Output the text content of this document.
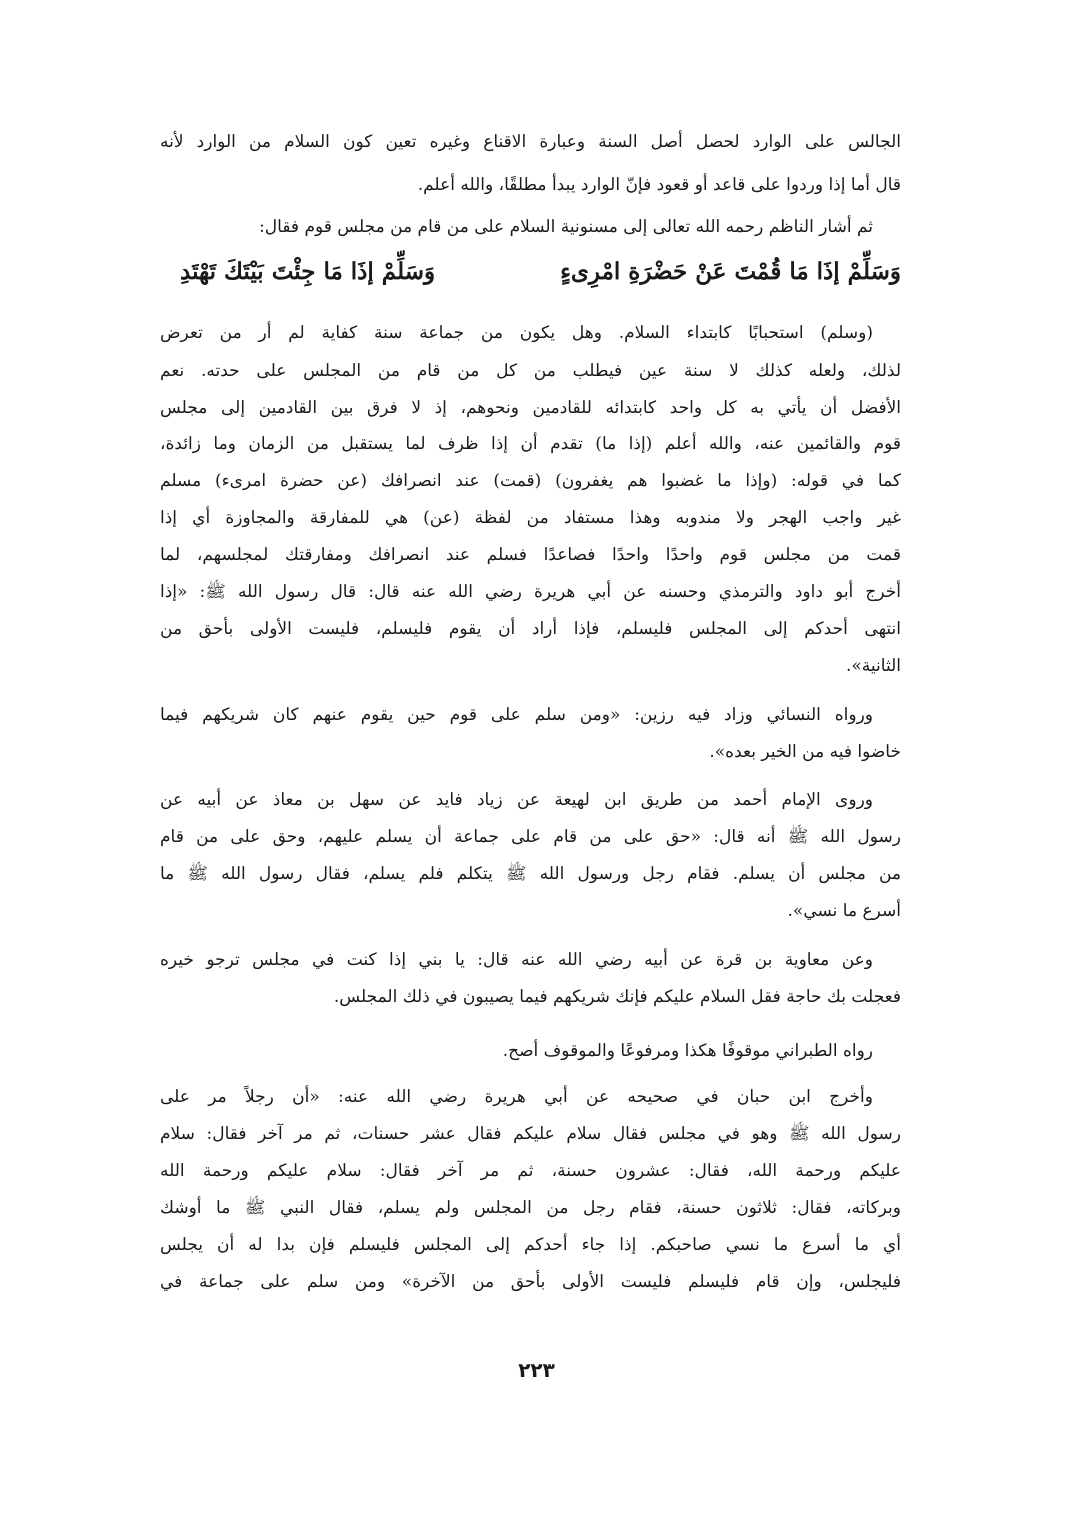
الجالس على الوارد لحصل أصل السنة وعبارة الاقناع وغيره تعين كون السلام من الوارد لأنه
قال أما إذا وردوا على قاعد أو قعود فإنّ الوارد يبدأ مطلقًا، والله أعلم.
ثم أشار الناظم رحمه الله تعالى إلى مسنونية السلام على من قام من مجلس قوم فقال:
وَسَلِّمْ إذَا مَا قُمْتَ عَنْ حَضْرَةِ امْرِىءٍ
وَسَلِّمْ إذَا مَا جِئْتَ بَيْتَكَ تَهْتَدِ
(وسلم) استحبابًا كابتداء السلام. وهل يكون من جماعة سنة كفاية لم أر من تعرض
لذلك، ولعله كذلك لا سنة عين فيطلب من كل من قام من المجلس على حدته. نعم
الأفضل أن يأتي به كل واحد كابتدائه للقادمين ونحوهم، إذ لا فرق بين القادمين إلى مجلس
قوم والقائمين عنه، والله أعلم (إذا ما) تقدم أن إذا ظرف لما يستقبل من الزمان وما زائدة،
كما في قوله: (وإذا ما غضبوا هم يغفرون) (قمت) عند انصرافك (عن حضرة امرىء) مسلم
غير واجب الهجر ولا مندوبه وهذا مستفاد من لفظة (عن) هي للمفارقة والمجاوزة أي إذا
قمت من مجلس قوم واحدًا واحدًا فصاعدًا فسلم عند انصرافك ومفارقتك لمجلسهم، لما
أخرج أبو داود والترمذي وحسنه عن أبي هريرة رضي الله عنه قال: قال رسول الله ﷺ: «إذا
انتهى أحدكم إلى المجلس فليسلم، فإذا أراد أن يقوم فليسلم، فليست الأولى بأحق من
الثانية».
ورواه النسائي وزاد فيه رزين: «ومن سلم على قوم حين يقوم عنهم كان شريكهم فيما
خاضوا فيه من الخير بعده».
وروى الإمام أحمد من طريق ابن لهيعة عن زياد فايد عن سهل بن معاذ عن أبيه عن
رسول الله ﷺ أنه قال: «حق على من قام على جماعة أن يسلم عليهم، وحق على من قام
من مجلس أن يسلم. فقام رجل ورسول الله ﷺ يتكلم فلم يسلم، فقال رسول الله ﷺ ما
أسرع ما نسي».
وعن معاوية بن قرة عن أبيه رضي الله عنه قال: يا بني إذا كنت في مجلس ترجو خيره
فعجلت بك حاجة فقل السلام عليكم فإنك شريكهم فيما يصيبون في ذلك المجلس.
رواه الطبراني موقوفًا هكذا ومرفوعًا والموقوف أصح.
وأخرج ابن حبان في صحيحه عن أبي هريرة رضي الله عنه: «أن رجلاً مر على
رسول الله ﷺ وهو في مجلس فقال سلام عليكم فقال عشر حسنات، ثم مر آخر فقال: سلام
عليكم ورحمة الله، فقال: عشرون حسنة، ثم مر آخر فقال: سلام عليكم ورحمة الله
وبركاته، فقال: ثلاثون حسنة، فقام رجل من المجلس ولم يسلم، فقال النبي ﷺ ما أوشك
أي ما أسرع ما نسي صاحبكم. إذا جاء أحدكم إلى المجلس فليسلم فإن بدا له أن يجلس
فليجلس، وإن قام فليسلم فليست الأولى بأحق من الآخرة» ومن سلم على جماعة في
٢٢٣
